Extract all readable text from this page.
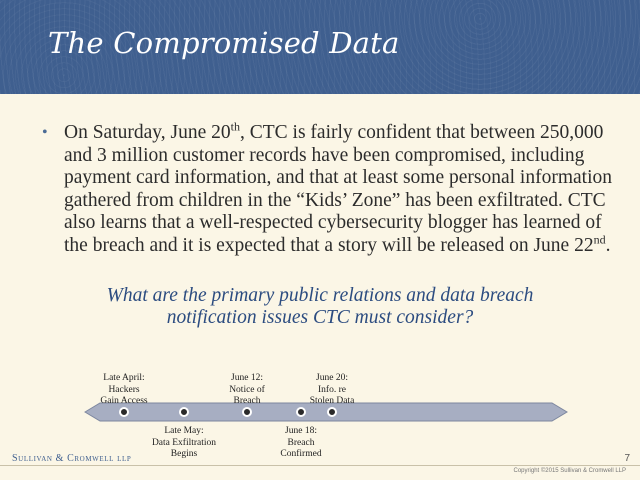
The Compromised Data
• On Saturday, June 20th, CTC is fairly confident that between 250,000 and 3 million customer records have been compromised, including payment card information, and that at least some personal information gathered from children in the “Kids’ Zone” has been exfiltrated. CTC also learns that a well-respected cybersecurity blogger has learned of the breach and it is expected that a story will be released on June 22nd.
What are the primary public relations and data breach notification issues CTC must consider?
Late April:
Hackers
Gain Access
Late May:
Data Exfiltration
Begins
June 12:
Notice of
Breach
June 18:
Breach
Confirmed
June 20:
Info. re
Stolen Data
Sullivan & Cromwell llp	7
Copyright ©2015 Sullivan & Cromwell LLP
